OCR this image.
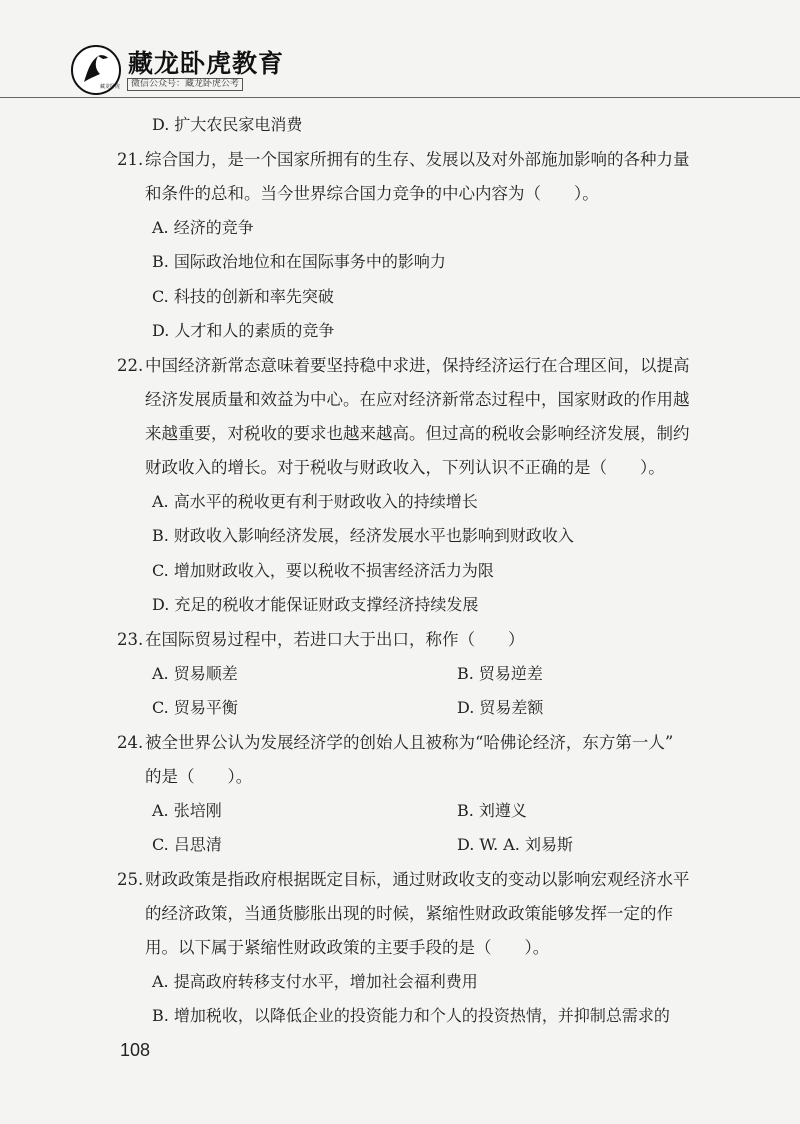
藏龙卧虎
藏龙卧虎教育
微信公众号：藏龙卧虎公考

D. 扩大农民家电消费

21. 综合国力，是一个国家所拥有的生存、发展以及对外部施加影响的各种力量
和条件的总和。当今世界综合国力竞争的中心内容为（　　）。

A. 经济的竞争

B. 国际政治地位和在国际事务中的影响力

C. 科技的创新和率先突破

D. 人才和人的素质的竞争

22. 中国经济新常态意味着要坚持稳中求进，保持经济运行在合理区间，以提高
经济发展质量和效益为中心。在应对经济新常态过程中，国家财政的作用越
来越重要，对税收的要求也越来越高。但过高的税收会影响经济发展，制约
财政收入的增长。对于税收与财政收入，下列认识不正确的是（　　）。

A. 高水平的税收更有利于财政收入的持续增长

B. 财政收入影响经济发展，经济发展水平也影响到财政收入

C. 增加财政收入，要以税收不损害经济活力为限

D. 充足的税收才能保证财政支撑经济持续发展

23. 在国际贸易过程中，若进口大于出口，称作（　　）
A. 贸易顺差	B. 贸易逆差
C. 贸易平衡	D. 贸易差额
24. 被全世界公认为发展经济学的创始人且被称为“哈佛论经济，东方第一人”
的是（　　）。
A. 张培刚	B. 刘遵义
C. 吕思清	D. W. A. 刘易斯
25. 财政政策是指政府根据既定目标，通过财政收支的变动以影响宏观经济水平
的经济政策，当通货膨胀出现的时候，紧缩性财政政策能够发挥一定的作
用。以下属于紧缩性财政政策的主要手段的是（　　）。

A. 提高政府转移支付水平，增加社会福利费用

B. 增加税收，以降低企业的投资能力和个人的投资热情，并抑制总需求的

108
